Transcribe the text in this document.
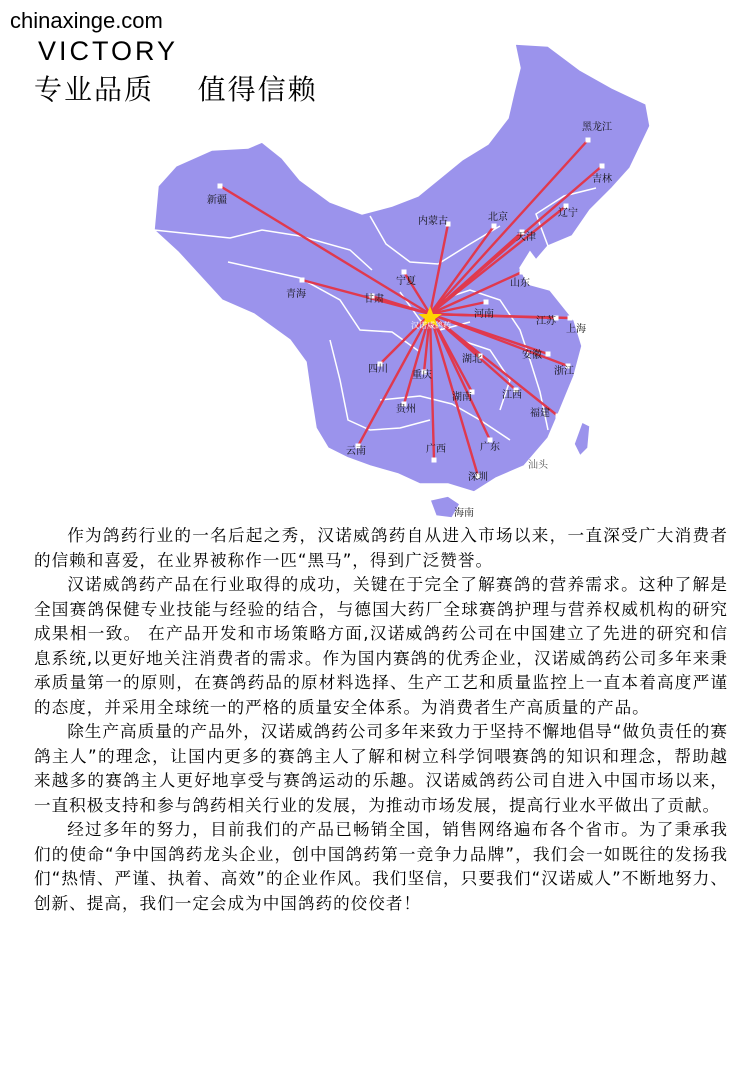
chinaxinge.com
VICTORY
专业品质    值得信赖
黑龙江
吉林
辽宁
新疆
内蒙古	北京
天津
青海
宁夏
甘肃
山东
河南
江苏
上海
四川
湖北	安徽
浙江
重庆
湖南	江西
贵州	福建
云南	广西	广东
汕头
深圳
海南
汉诺威鸽药

作为鸽药行业的一名后起之秀，汉诺威鸽药自从进入市场以来，一直深受广大消费者的信赖和喜爱，在业界被称作一匹“黑马”，得到广泛赞誉。

汉诺威鸽药产品在行业取得的成功，关键在于完全了解赛鸽的营养需求。这种了解是全国赛鸽保健专业技能与经验的结合，与德国大药厂全球赛鸽护理与营养权威机构的研究成果相一致。 在产品开发和市场策略方面,汉诺威鸽药公司在中国建立了先进的研究和信息系统,以更好地关注消费者的需求。作为国内赛鸽的优秀企业，汉诺威鸽药公司多年来秉承质量第一的原则，在赛鸽药品的原材料选择、生产工艺和质量监控上一直本着高度严谨的态度，并采用全球统一的严格的质量安全体系。为消费者生产高质量的产品。

除生产高质量的产品外，汉诺威鸽药公司多年来致力于坚持不懈地倡导“做负责任的赛鸽主人”的理念，让国内更多的赛鸽主人了解和树立科学饲喂赛鸽的知识和理念，帮助越来越多的赛鸽主人更好地享受与赛鸽运动的乐趣。汉诺威鸽药公司自进入中国市场以来，一直积极支持和参与鸽药相关行业的发展，为推动市场发展，提高行业水平做出了贡献。

经过多年的努力，目前我们的产品已畅销全国，销售网络遍布各个省市。为了秉承我们的使命“争中国鸽药龙头企业，创中国鸽药第一竞争力品牌”，我们会一如既往的发扬我们“热情、严谨、执着、高效”的企业作风。我们坚信，只要我们“汉诺威人”不断地努力、创新、提高，我们一定会成为中国鸽药的佼佼者！
